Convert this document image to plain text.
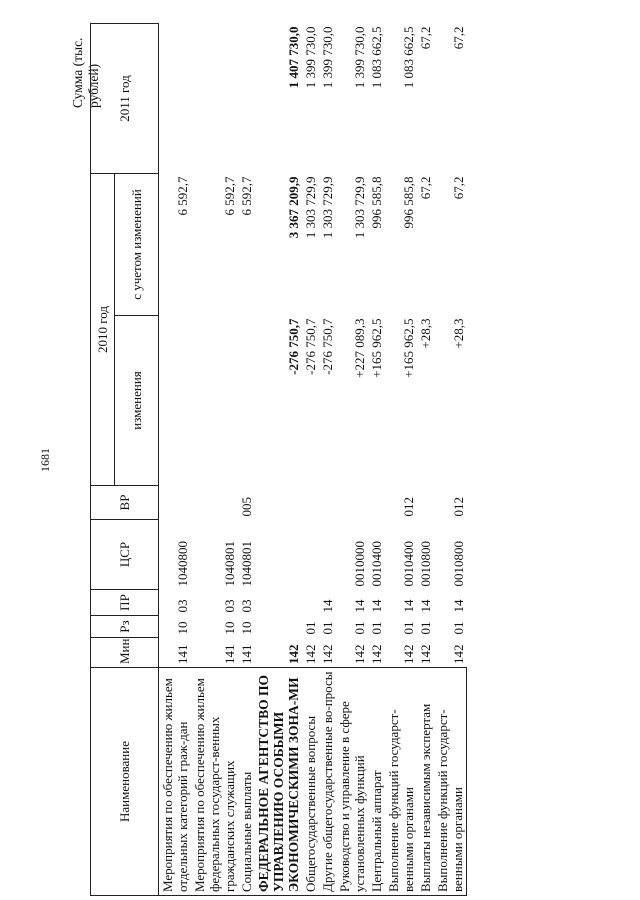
1681
Сумма (тыс. рублей)
Наименование	Мин	Рз	ПР	ЦСР	ВР	2010 год		2011 год
						изменения	с учетом изменений	
Мероприятия по обеспечению жильем отдельных категорий граж-дан	141	10	03	1040800			6 592,7	
Мероприятия по обеспечению жильем федеральных государст-венных гражданских служащих	141	10	03	1040801			6 592,7	
Социальные выплаты	141	10	03	1040801	005		6 592,7	
ФЕДЕРАЛЬНОЕ АГЕНТСТВО ПО УПРАВЛЕНИЮ ОСОБЫМИ ЭКОНОМИЧЕСКИМИ ЗОНА-МИ	142					-276 750,7	3 367 209,9	1 407 730,0
Общегосударственные вопросы	142	01				-276 750,7	1 303 729,9	1 399 730,0
Другие общегосударственные во-просы	142	01	14			-276 750,7	1 303 729,9	1 399 730,0
Руководство и управление в сфере установленных функций	142	01	14	0010000		+227 089,3	1 303 729,9	1 399 730,0
Центральный аппарат	142	01	14	0010400		+165 962,5	996 585,8	1 083 662,5
Выполнение функций государст-венными органами	142	01	14	0010400	012	+165 962,5	996 585,8	1 083 662,5
Выплаты независимым экспертам	142	01	14	0010800		+28,3	67,2	67,2
Выполнение функций государст-венными органами	142	01	14	0010800	012	+28,3	67,2	67,2
